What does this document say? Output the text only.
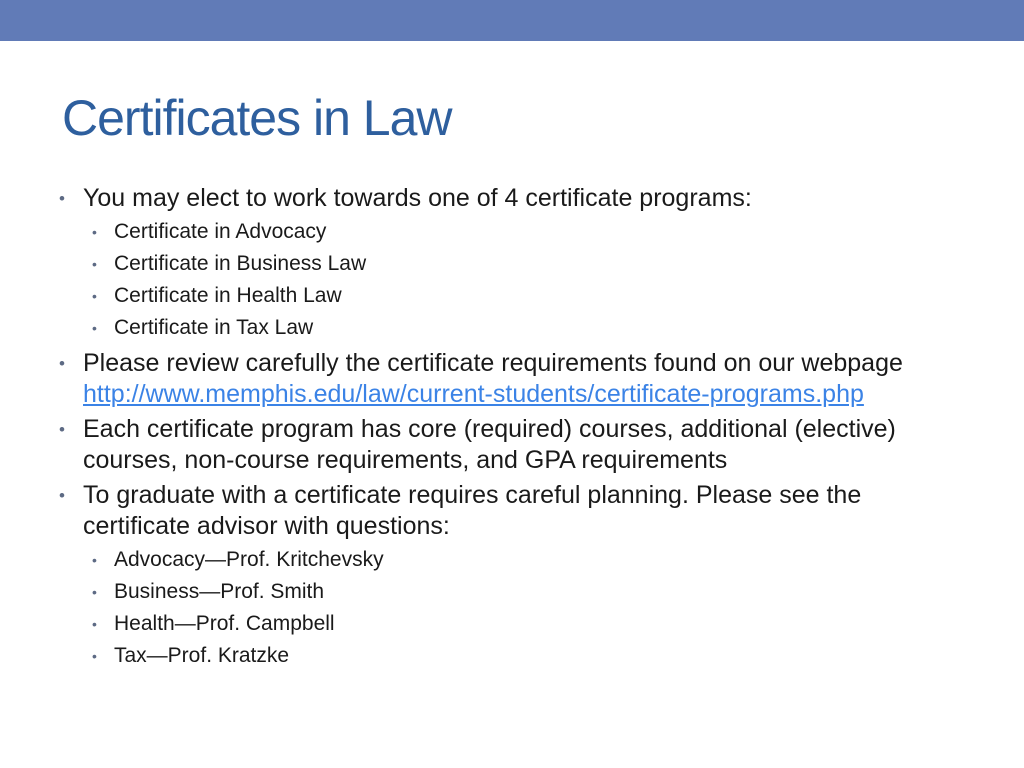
Certificates in Law
• You may elect to work towards one of 4 certificate programs:
• Certificate in Advocacy
• Certificate in Business Law
• Certificate in Health Law
• Certificate in Tax Law
• Please review carefully the certificate requirements found on our webpage http://www.memphis.edu/law/current-students/certificate-programs.php
• Each certificate program has core (required) courses, additional (elective) courses, non-course requirements, and GPA requirements
• To graduate with a certificate requires careful planning. Please see the certificate advisor with questions:
• Advocacy—Prof. Kritchevsky
• Business—Prof. Smith
• Health—Prof. Campbell
• Tax—Prof. Kratzke
